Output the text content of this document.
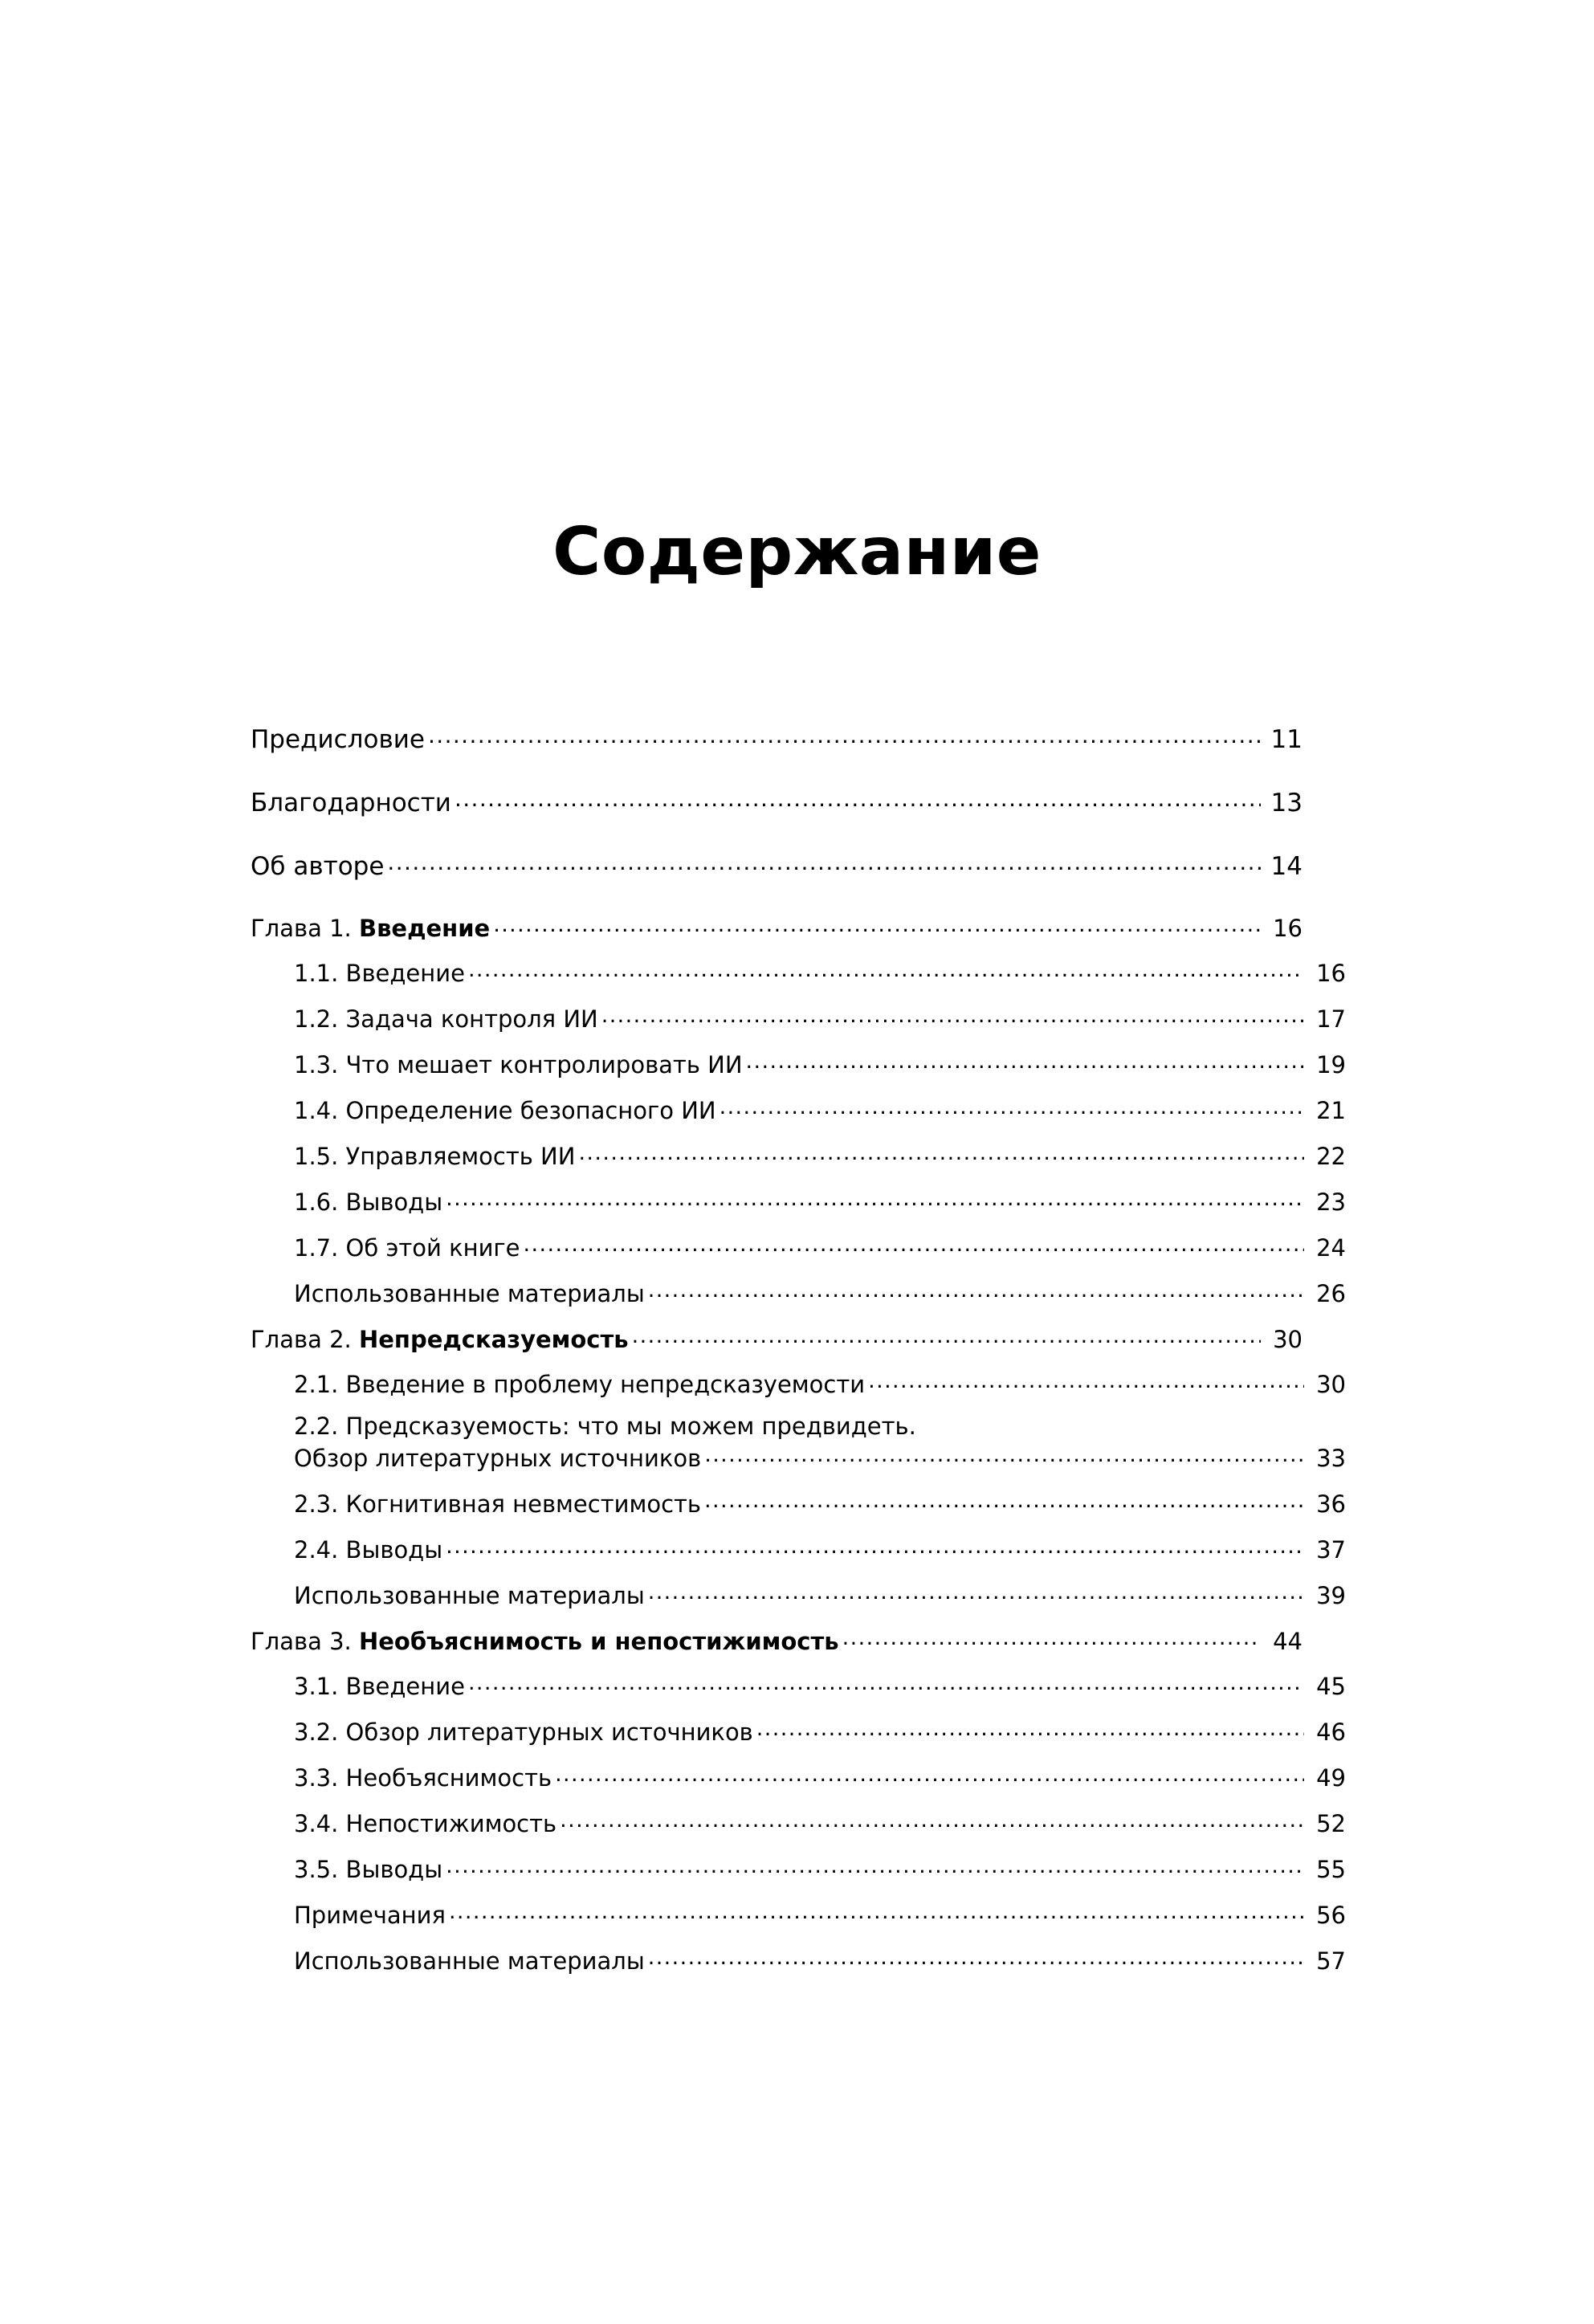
Содержание
Предисловие .....	11
Благодарности .....	13
Об авторе .....	14
Глава 1. Введение .....	16
1.1. Введение .....	16
1.2. Задача контроля ИИ .....	17
1.3. Что мешает контролировать ИИ .....	19
1.4. Определение безопасного ИИ .....	21
1.5. Управляемость ИИ .....	22
1.6. Выводы .....	23
1.7. Об этой книге .....	24
Использованные материалы .....	26
Глава 2. Непредсказуемость .....	30
2.1. Введение в проблему непредсказуемости .....	30
2.2. Предсказуемость: что мы можем предвидеть.
Обзор литературных источников .....	33
2.3. Когнитивная невместимость .....	36
2.4. Выводы .....	37
Использованные материалы .....	39
Глава 3. Необъяснимость и непостижимость .....	44
3.1. Введение .....	45
3.2. Обзор литературных источников .....	46
3.3. Необъяснимость .....	49
3.4. Непостижимость .....	52
3.5. Выводы .....	55
Примечания .....	56
Использованные материалы .....	57
